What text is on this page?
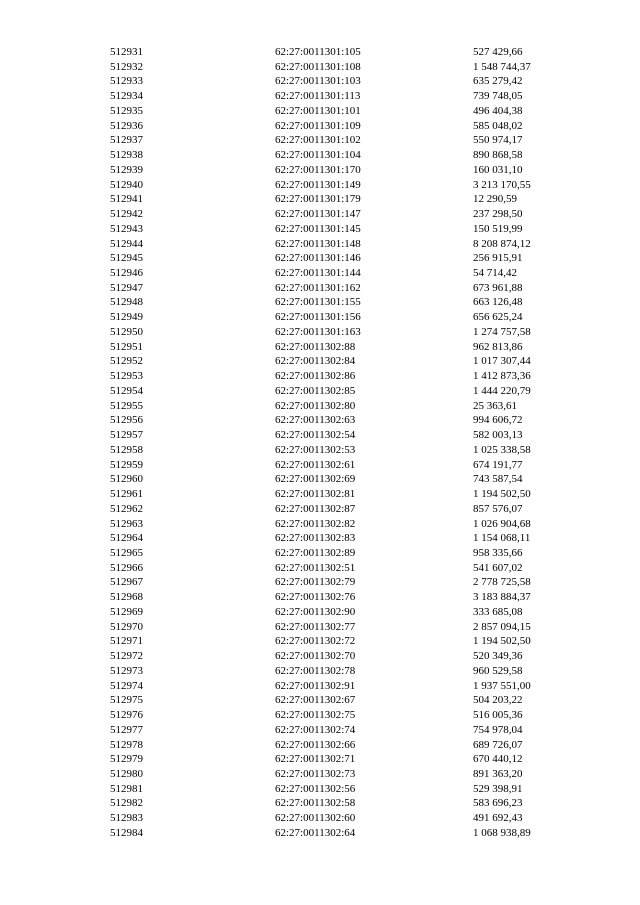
512931	62:27:0011301:105	527 429,66
512932	62:27:0011301:108	1 548 744,37
512933	62:27:0011301:103	635 279,42
512934	62:27:0011301:113	739 748,05
512935	62:27:0011301:101	496 404,38
512936	62:27:0011301:109	585 048,02
512937	62:27:0011301:102	550 974,17
512938	62:27:0011301:104	890 868,58
512939	62:27:0011301:170	160 031,10
512940	62:27:0011301:149	3 213 170,55
512941	62:27:0011301:179	12 290,59
512942	62:27:0011301:147	237 298,50
512943	62:27:0011301:145	150 519,99
512944	62:27:0011301:148	8 208 874,12
512945	62:27:0011301:146	256 915,91
512946	62:27:0011301:144	54 714,42
512947	62:27:0011301:162	673 961,88
512948	62:27:0011301:155	663 126,48
512949	62:27:0011301:156	656 625,24
512950	62:27:0011301:163	1 274 757,58
512951	62:27:0011302:88	962 813,86
512952	62:27:0011302:84	1 017 307,44
512953	62:27:0011302:86	1 412 873,36
512954	62:27:0011302:85	1 444 220,79
512955	62:27:0011302:80	25 363,61
512956	62:27:0011302:63	994 606,72
512957	62:27:0011302:54	582 003,13
512958	62:27:0011302:53	1 025 338,58
512959	62:27:0011302:61	674 191,77
512960	62:27:0011302:69	743 587,54
512961	62:27:0011302:81	1 194 502,50
512962	62:27:0011302:87	857 576,07
512963	62:27:0011302:82	1 026 904,68
512964	62:27:0011302:83	1 154 068,11
512965	62:27:0011302:89	958 335,66
512966	62:27:0011302:51	541 607,02
512967	62:27:0011302:79	2 778 725,58
512968	62:27:0011302:76	3 183 884,37
512969	62:27:0011302:90	333 685,08
512970	62:27:0011302:77	2 857 094,15
512971	62:27:0011302:72	1 194 502,50
512972	62:27:0011302:70	520 349,36
512973	62:27:0011302:78	960 529,58
512974	62:27:0011302:91	1 937 551,00
512975	62:27:0011302:67	504 203,22
512976	62:27:0011302:75	516 005,36
512977	62:27:0011302:74	754 978,04
512978	62:27:0011302:66	689 726,07
512979	62:27:0011302:71	670 440,12
512980	62:27:0011302:73	891 363,20
512981	62:27:0011302:56	529 398,91
512982	62:27:0011302:58	583 696,23
512983	62:27:0011302:60	491 692,43
512984	62:27:0011302:64	1 068 938,89
